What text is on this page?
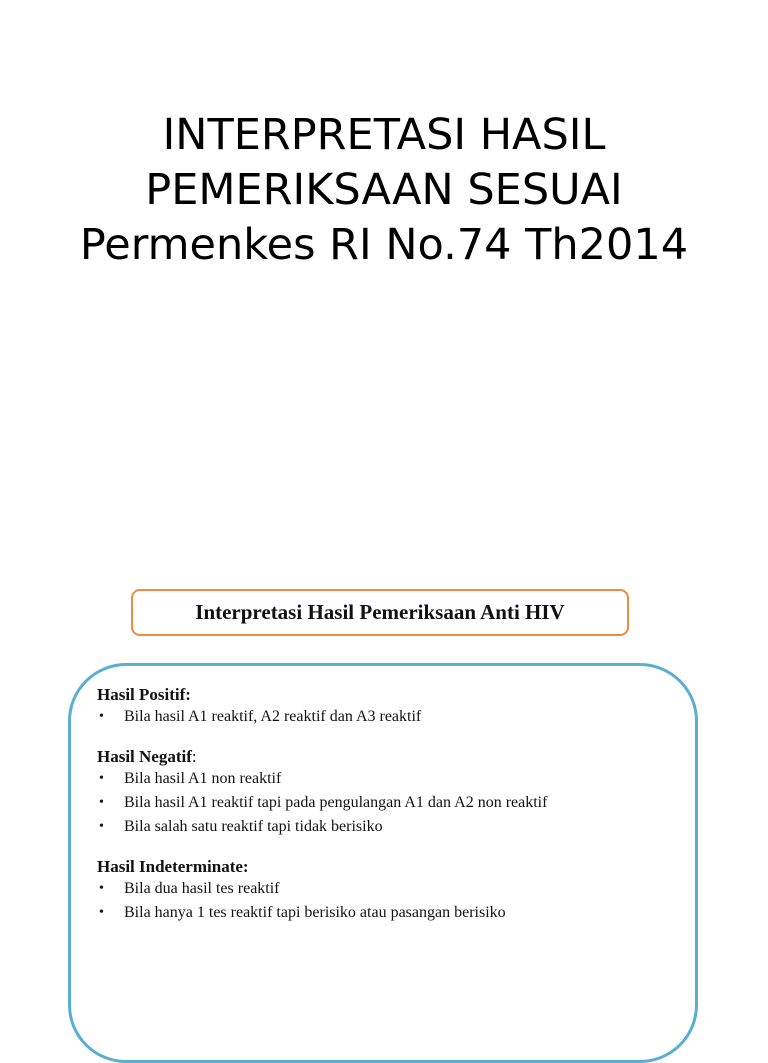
INTERPRETASI HASIL
PEMERIKSAAN SESUAI
Permenkes RI No.74 Th2014
Interpretasi Hasil Pemeriksaan Anti HIV

Hasil Positif:

• Bila hasil A1 reaktif, A2 reaktif dan A3 reaktif

Hasil Negatif:

• Bila hasil A1 non reaktif
• Bila hasil A1 reaktif tapi pada pengulangan A1 dan A2 non reaktif
• Bila salah satu reaktif tapi tidak berisiko

Hasil Indeterminate:

• Bila dua hasil tes reaktif
• Bila hanya 1 tes reaktif tapi berisiko atau pasangan berisiko
